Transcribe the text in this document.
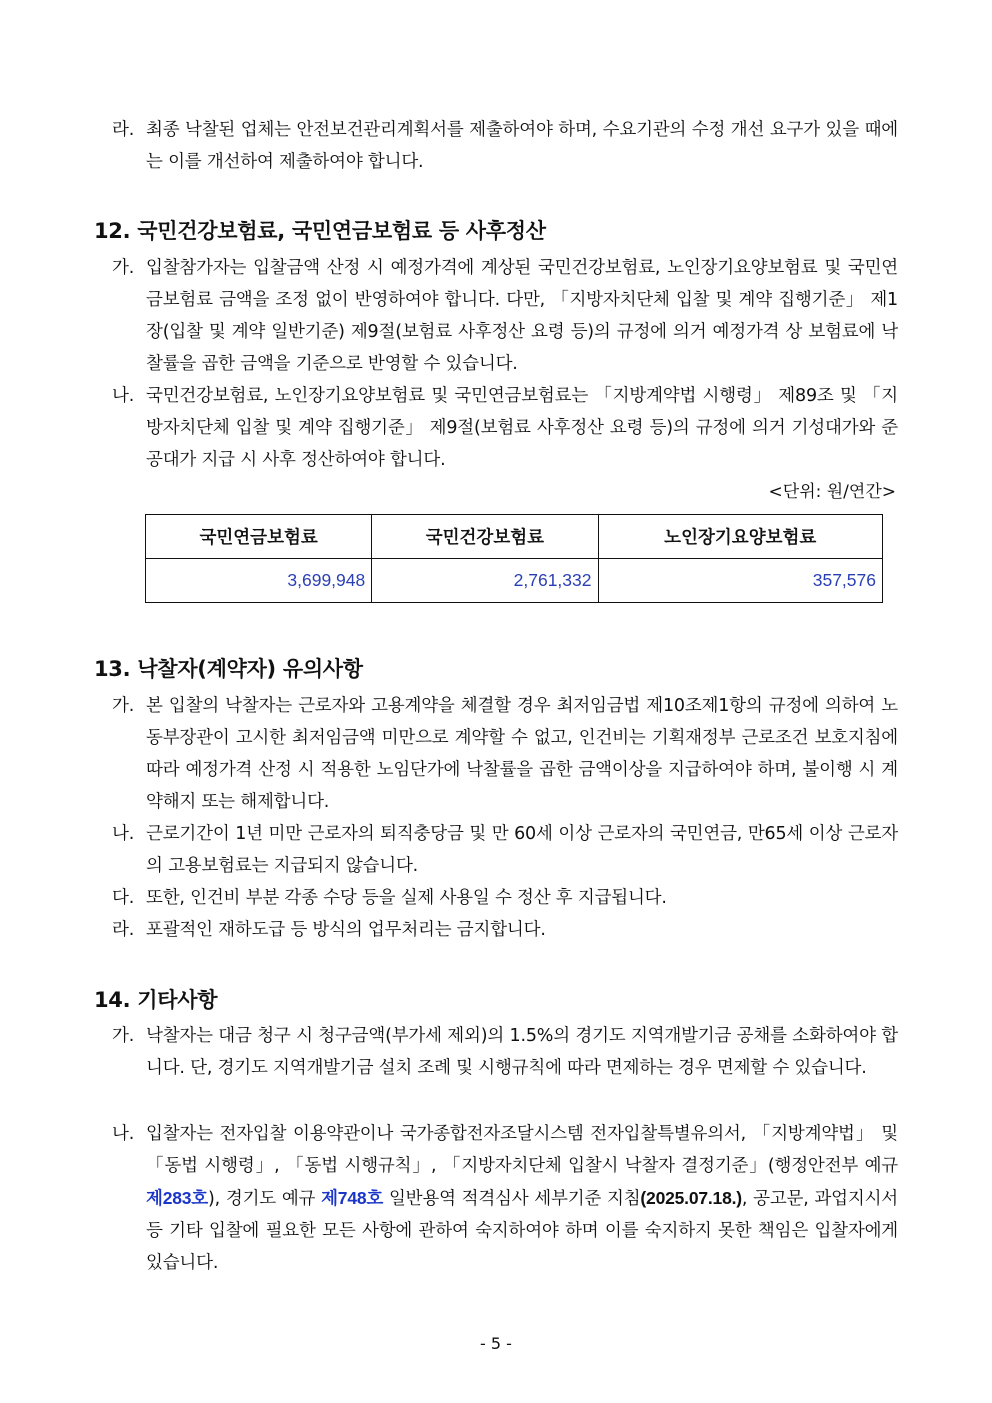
라. 최종 낙찰된 업체는 안전보건관리계획서를 제출하여야 하며, 수요기관의 수정 개선 요구가 있을 때에는 이를 개선하여 제출하여야 합니다.
12. 국민건강보험료, 국민연금보험료 등 사후정산
가. 입찰참가자는 입찰금액 산정 시 예정가격에 계상된 국민건강보험료, 노인장기요양보험료 및 국민연금보험료 금액을 조정 없이 반영하여야 합니다. 다만, 「지방자치단체 입찰 및 계약 집행기준」 제1장(입찰 및 계약 일반기준) 제9절(보험료 사후정산 요령 등)의 규정에 의거 예정가격 상 보험료에 낙찰률을 곱한 금액을 기준으로 반영할 수 있습니다.
나. 국민건강보험료, 노인장기요양보험료 및 국민연금보험료는 「지방계약법 시행령」 제89조 및 「지방자치단체 입찰 및 계약 집행기준」 제9절(보험료 사후정산 요령 등)의 규정에 의거 기성대가와 준공대가 지급 시 사후 정산하여야 합니다.
<단위: 원/연간>
국민연금보험료	국민건강보험료	노인장기요양보험료
3,699,948	2,761,332	357,576
13. 낙찰자(계약자) 유의사항
가. 본 입찰의 낙찰자는 근로자와 고용계약을 체결할 경우 최저임금법 제10조제1항의 규정에 의하여 노동부장관이 고시한 최저임금액 미만으로 계약할 수 없고, 인건비는 기획재정부 근로조건 보호지침에 따라 예정가격 산정 시 적용한 노임단가에 낙찰률을 곱한 금액이상을 지급하여야 하며, 불이행 시 계약해지 또는 해제합니다.
나. 근로기간이 1년 미만 근로자의 퇴직충당금 및 만 60세 이상 근로자의 국민연금, 만65세 이상 근로자의 고용보험료는 지급되지 않습니다.
다. 또한, 인건비 부분 각종 수당 등을 실제 사용일 수 정산 후 지급됩니다.
라. 포괄적인 재하도급 등 방식의 업무처리는 금지합니다.
14. 기타사항
가. 낙찰자는 대금 청구 시 청구금액(부가세 제외)의 1.5%의 경기도 지역개발기금 공채를 소화하여야 합니다. 단, 경기도 지역개발기금 설치 조례 및 시행규칙에 따라 면제하는 경우 면제할 수 있습니다.
나. 입찰자는 전자입찰 이용약관이나 국가종합전자조달시스템 전자입찰특별유의서, 「지방계약법」 및 「동법 시행령」, 「동법 시행규칙」, 「지방자치단체 입찰시 낙찰자 결정기준」(행정안전부 예규 제283호), 경기도 예규 제748호 일반용역 적격심사 세부기준 지침(2025.07.18.), 공고문, 과업지시서 등 기타 입찰에 필요한 모든 사항에 관하여 숙지하여야 하며 이를 숙지하지 못한 책임은 입찰자에게 있습니다.
- 5 -
